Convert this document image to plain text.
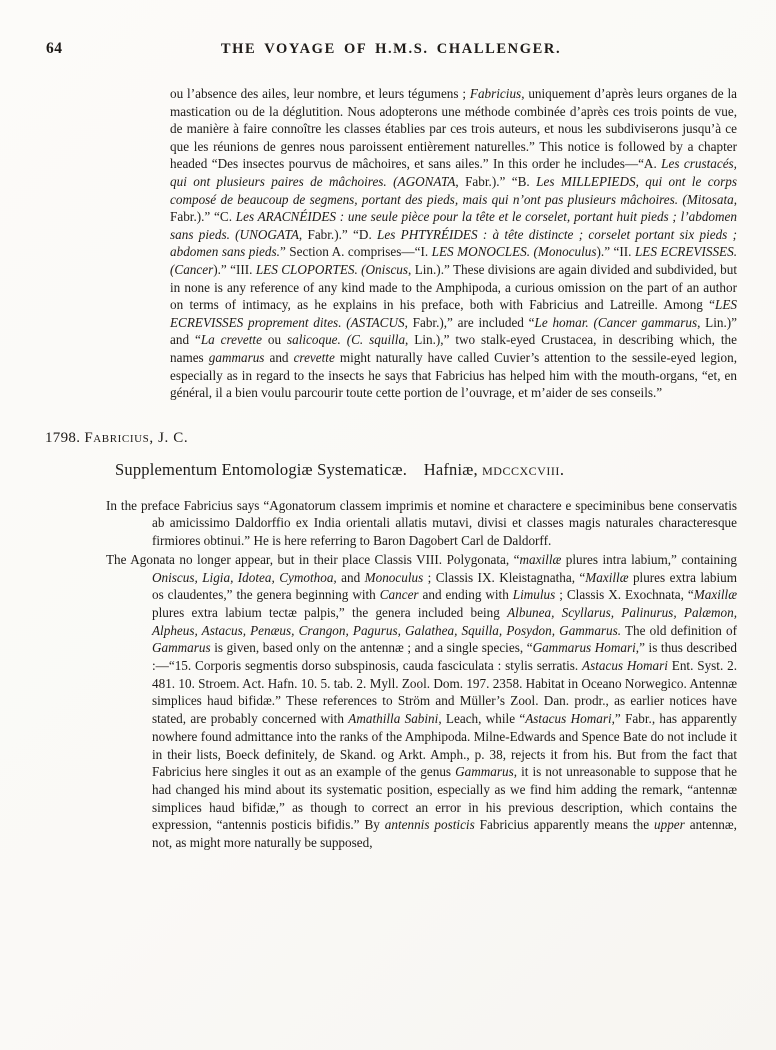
64	THE VOYAGE OF H.M.S. CHALLENGER.

ou l’absence des ailes, leur nombre, et leurs tégumens ; Fabricius, uniquement d’après leurs organes de la mastication ou de la déglutition. Nous adopterons une méthode combinée d’après ces trois points de vue, de manière à faire connoître les classes établies par ces trois auteurs, et nous les subdiviserons jusqu’à ce que les réunions de genres nous paroissent entièrement naturelles.” This notice is followed by a chapter headed “Des insectes pourvus de mâchoires, et sans ailes.” In this order he includes—“A. Les crustacés, qui ont plusieurs paires de mâchoires. (AGONATA, Fabr.).” “B. Les MILLEPIEDS, qui ont le corps composé de beaucoup de segmens, portant des pieds, mais qui n’ont pas plusieurs mâchoires. (Mitosata, Fabr.).” “C. Les ARACNÉIDES : une seule pièce pour la tête et le corselet, portant huit pieds ; l’abdomen sans pieds. (UNOGATA, Fabr.).” “D. Les PHTYRÉIDES : à tête distincte ; corselet portant six pieds ; abdomen sans pieds.” Section A. comprises—“I. LES MONOCLES. (Monoculus).” “II. LES ECREVISSES. (Cancer).” “III. LES CLOPORTES. (Oniscus, Lin.).” These divisions are again divided and subdivided, but in none is any reference of any kind made to the Amphipoda, a curious omission on the part of an author on terms of intimacy, as he explains in his preface, both with Fabricius and Latreille. Among “LES ECREVISSES proprement dites. (ASTACUS, Fabr.),” are included “Le homar. (Cancer gammarus, Lin.)” and “La crevette ou salicoque. (C. squilla, Lin.),” two stalk-eyed Crustacea, in describing which, the names gammarus and crevette might naturally have called Cuvier’s attention to the sessile-eyed legion, especially as in regard to the insects he says that Fabricius has helped him with the mouth-organs, “et, en général, il a bien voulu parcourir toute cette portion de l’ouvrage, et m’aider de ses conseils.”

1798. Fabricius, J. C.
Supplementum Entomologiæ Systematicæ. Hafniæ, mdccxcviii.

In the preface Fabricius says “Agonatorum classem imprimis et nomine et charactere e speciminibus bene conservatis ab amicissimo Daldorffio ex India orientali allatis mutavi, divisi et classes magis naturales characteresque firmiores obtinui.” He is here referring to Baron Dagobert Carl de Daldorff.

The Agonata no longer appear, but in their place Classis VIII. Polygonata, “maxillæ plures intra labium,” containing Oniscus, Ligia, Idotea, Cymothoa, and Monoculus ; Classis IX. Kleistagnatha, “Maxillæ plures extra labium os claudentes,” the genera beginning with Cancer and ending with Limulus ; Classis X. Exochnata, “Maxillæ plures extra labium tectæ palpis,” the genera included being Albunea, Scyllarus, Palinurus, Palæmon, Alpheus, Astacus, Penæus, Crangon, Pagurus, Galathea, Squilla, Posydon, Gammarus. The old definition of Gammarus is given, based only on the antennæ ; and a single species, “Gammarus Homari,” is thus described :—“15. Corporis segmentis dorso subspinosis, cauda fasciculata : stylis serratis. Astacus Homari Ent. Syst. 2. 481. 10. Stroem. Act. Hafn. 10. 5. tab. 2. Myll. Zool. Dom. 197. 2358. Habitat in Oceano Norwegico. Antennæ simplices haud bifidæ.” These references to Ström and Müller’s Zool. Dan. prodr., as earlier notices have stated, are probably concerned with Amathilla Sabini, Leach, while “Astacus Homari,” Fabr., has apparently nowhere found admittance into the ranks of the Amphipoda. Milne-Edwards and Spence Bate do not include it in their lists, Boeck definitely, de Skand. og Arkt. Amph., p. 38, rejects it from his. But from the fact that Fabricius here singles it out as an example of the genus Gammarus, it is not unreasonable to suppose that he had changed his mind about its systematic position, especially as we find him adding the remark, “antennæ simplices haud bifidæ,” as though to correct an error in his previous description, which contains the expression, “antennis posticis bifidis.” By antennis posticis Fabricius apparently means the upper antennæ, not, as might more naturally be supposed,
